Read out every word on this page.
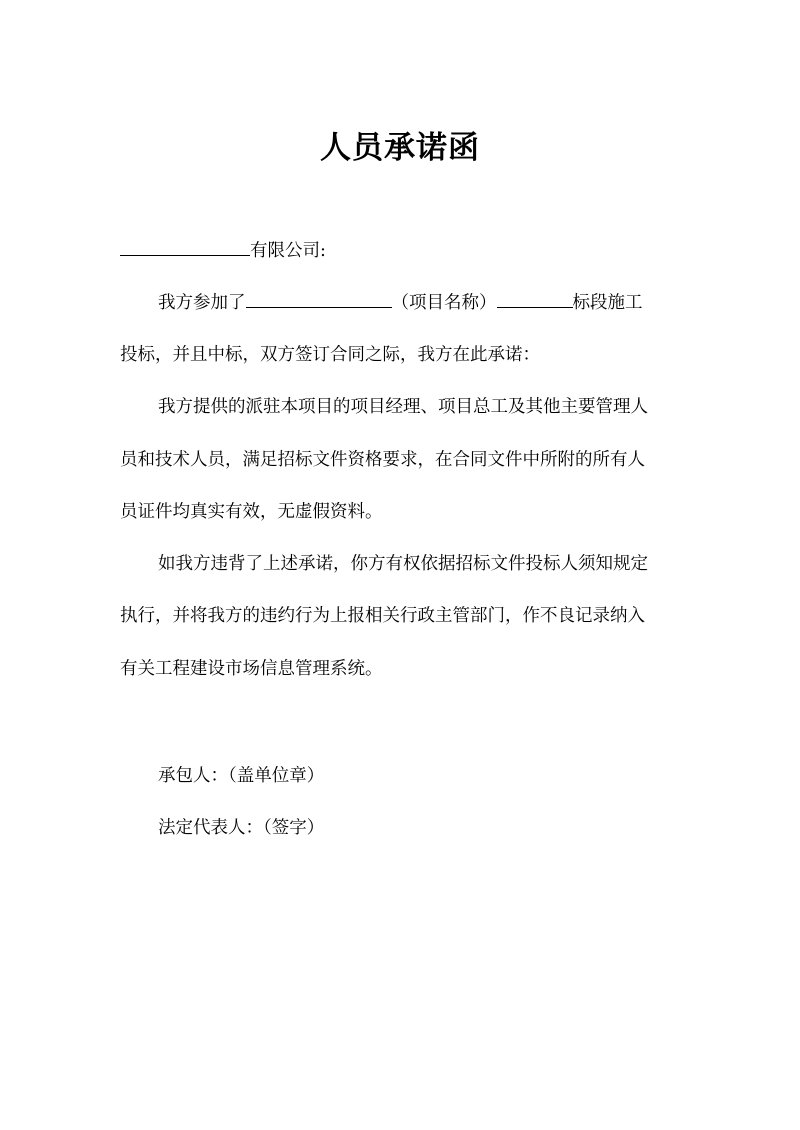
人员承诺函
有限公司:
我方参加了	（项目名称）	标段施工
投标，并且中标，双方签订合同之际，我方在此承诺：
我方提供的派驻本项目的项目经理、项目总工及其他主要管理人
员和技术人员，满足招标文件资格要求，在合同文件中所附的所有人
员证件均真实有效，无虚假资料。
如我方违背了上述承诺，你方有权依据招标文件投标人须知规定
执行，并将我方的违约行为上报相关行政主管部门，作不良记录纳入
有关工程建设市场信息管理系统。
承包人：（盖单位章）
法定代表人：（签字）
